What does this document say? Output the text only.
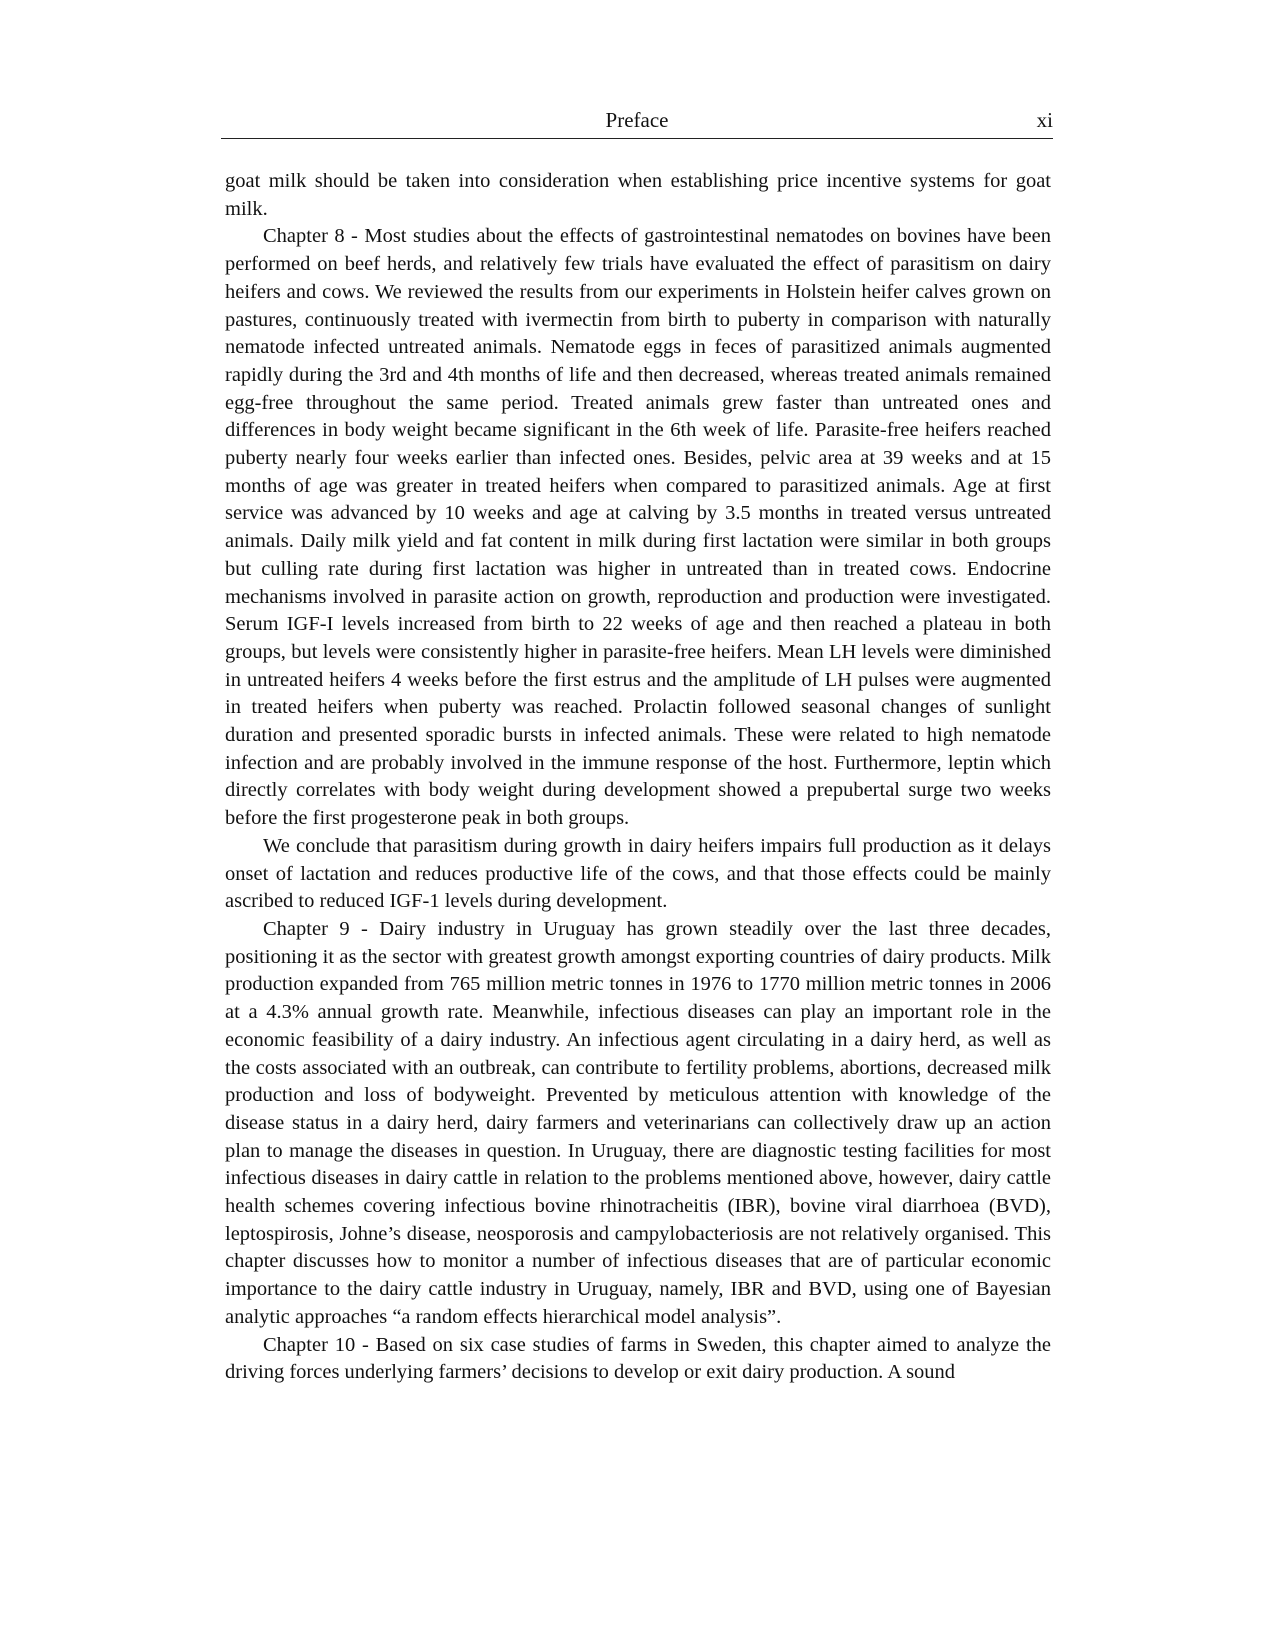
Preface	xi

goat milk should be taken into consideration when establishing price incentive systems for goat milk.

Chapter 8 - Most studies about the effects of gastrointestinal nematodes on bovines have been performed on beef herds, and relatively few trials have evaluated the effect of parasitism on dairy heifers and cows. We reviewed the results from our experiments in Holstein heifer calves grown on pastures, continuously treated with ivermectin from birth to puberty in comparison with naturally nematode infected untreated animals. Nematode eggs in feces of parasitized animals augmented rapidly during the 3rd and 4th months of life and then decreased, whereas treated animals remained egg-free throughout the same period. Treated animals grew faster than untreated ones and differences in body weight became significant in the 6th week of life. Parasite-free heifers reached puberty nearly four weeks earlier than infected ones. Besides, pelvic area at 39 weeks and at 15 months of age was greater in treated heifers when compared to parasitized animals. Age at first service was advanced by 10 weeks and age at calving by 3.5 months in treated versus untreated animals. Daily milk yield and fat content in milk during first lactation were similar in both groups but culling rate during first lactation was higher in untreated than in treated cows. Endocrine mechanisms involved in parasite action on growth, reproduction and production were investigated. Serum IGF-I levels increased from birth to 22 weeks of age and then reached a plateau in both groups, but levels were consistently higher in parasite-free heifers. Mean LH levels were diminished in untreated heifers 4 weeks before the first estrus and the amplitude of LH pulses were augmented in treated heifers when puberty was reached. Prolactin followed seasonal changes of sunlight duration and presented sporadic bursts in infected animals. These were related to high nematode infection and are probably involved in the immune response of the host. Furthermore, leptin which directly correlates with body weight during development showed a prepubertal surge two weeks before the first progesterone peak in both groups.

We conclude that parasitism during growth in dairy heifers impairs full production as it delays onset of lactation and reduces productive life of the cows, and that those effects could be mainly ascribed to reduced IGF-1 levels during development.

Chapter 9 - Dairy industry in Uruguay has grown steadily over the last three decades, positioning it as the sector with greatest growth amongst exporting countries of dairy products. Milk production expanded from 765 million metric tonnes in 1976 to 1770 million metric tonnes in 2006 at a 4.3% annual growth rate. Meanwhile, infectious diseases can play an important role in the economic feasibility of a dairy industry. An infectious agent circulating in a dairy herd, as well as the costs associated with an outbreak, can contribute to fertility problems, abortions, decreased milk production and loss of bodyweight. Prevented by meticulous attention with knowledge of the disease status in a dairy herd, dairy farmers and veterinarians can collectively draw up an action plan to manage the diseases in question. In Uruguay, there are diagnostic testing facilities for most infectious diseases in dairy cattle in relation to the problems mentioned above, however, dairy cattle health schemes covering infectious bovine rhinotracheitis (IBR), bovine viral diarrhoea (BVD), leptospirosis, Johne’s disease, neosporosis and campylobacteriosis are not relatively organised. This chapter discusses how to monitor a number of infectious diseases that are of particular economic importance to the dairy cattle industry in Uruguay, namely, IBR and BVD, using one of Bayesian analytic approaches “a random effects hierarchical model analysis”.

Chapter 10 - Based on six case studies of farms in Sweden, this chapter aimed to analyze the driving forces underlying farmers’ decisions to develop or exit dairy production. A sound
